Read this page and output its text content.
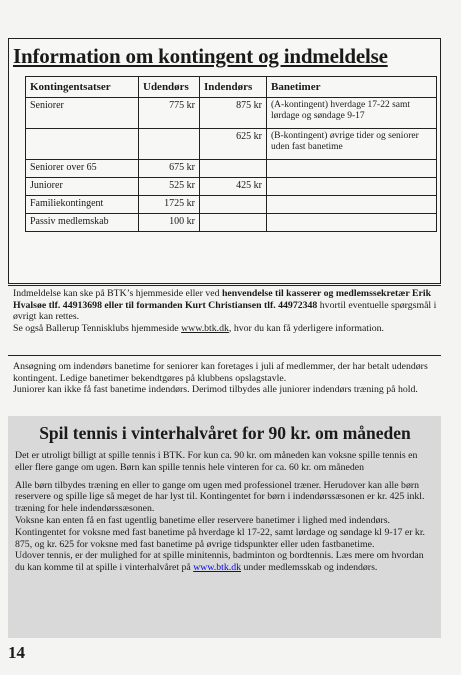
Information om kontingent og indmeldelse
Kontingentsatser	Udendørs	Indendørs	Banetimer
Seniorer	775 kr	875 kr	(A-kontingent) hverdage 17-22 samt lørdage og søndage 9-17
		625 kr	(B-kontingent) øvrige tider og seniorer uden fast banetime
Seniorer over 65	675 kr		
Juniorer	525 kr	425 kr	
Familiekontingent	1725 kr		
Passiv medlemskab	100 kr		

Indmeldelse kan ske på BTK’s hjemmeside eller ved henvendelse til kasserer og medlemssekretær Erik Hvalsøe tlf. 44913698 eller til formanden Kurt Christiansen tlf. 44972348 hvortil eventuelle spørgsmål i øvrigt kan rettes.

Se også Ballerup Tennisklubs hjemmeside www.btk.dk, hvor du kan få yderligere information.

Ansøgning om indendørs banetime for seniorer kan foretages i juli af medlemmer, der har betalt udendørs kontingent. Ledige banetimer bekendtgøres på klubbens opslagstavle.

Juniorer kan ikke få fast banetime indendørs. Derimod tilbydes alle juniorer indendørs træning på hold.

Spil tennis i vinterhalvåret for 90 kr. om måneden

Det er utroligt billigt at spille tennis i BTK. For kun ca. 90 kr. om måneden kan voksne spille tennis en eller flere gange om ugen. Børn kan spille tennis hele vinteren for ca. 60 kr. om måneden

Alle børn tilbydes træning en eller to gange om ugen med professionel træner. Herudover kan alle børn reservere og spille lige så meget de har lyst til. Kontingentet for børn i indendørssæsonen er kr. 425 inkl. træning for hele indendørssæsonen.

Voksne kan enten få en fast ugentlig banetime eller reservere banetimer i lighed med indendørs. Kontingentet for voksne med fast banetime på hverdage kl 17-22, samt lørdage og søndage kl 9-17 er kr. 875, og kr. 625 for voksne med fast banetime på øvrige tidspunkter eller uden fastbanetime.

Udover tennis, er der mulighed for at spille minitennis, badminton og bordtennis. Læs mere om hvordan du kan komme til at spille i vinterhalvåret på www.btk.dk under medlemsskab og indendørs.

14
